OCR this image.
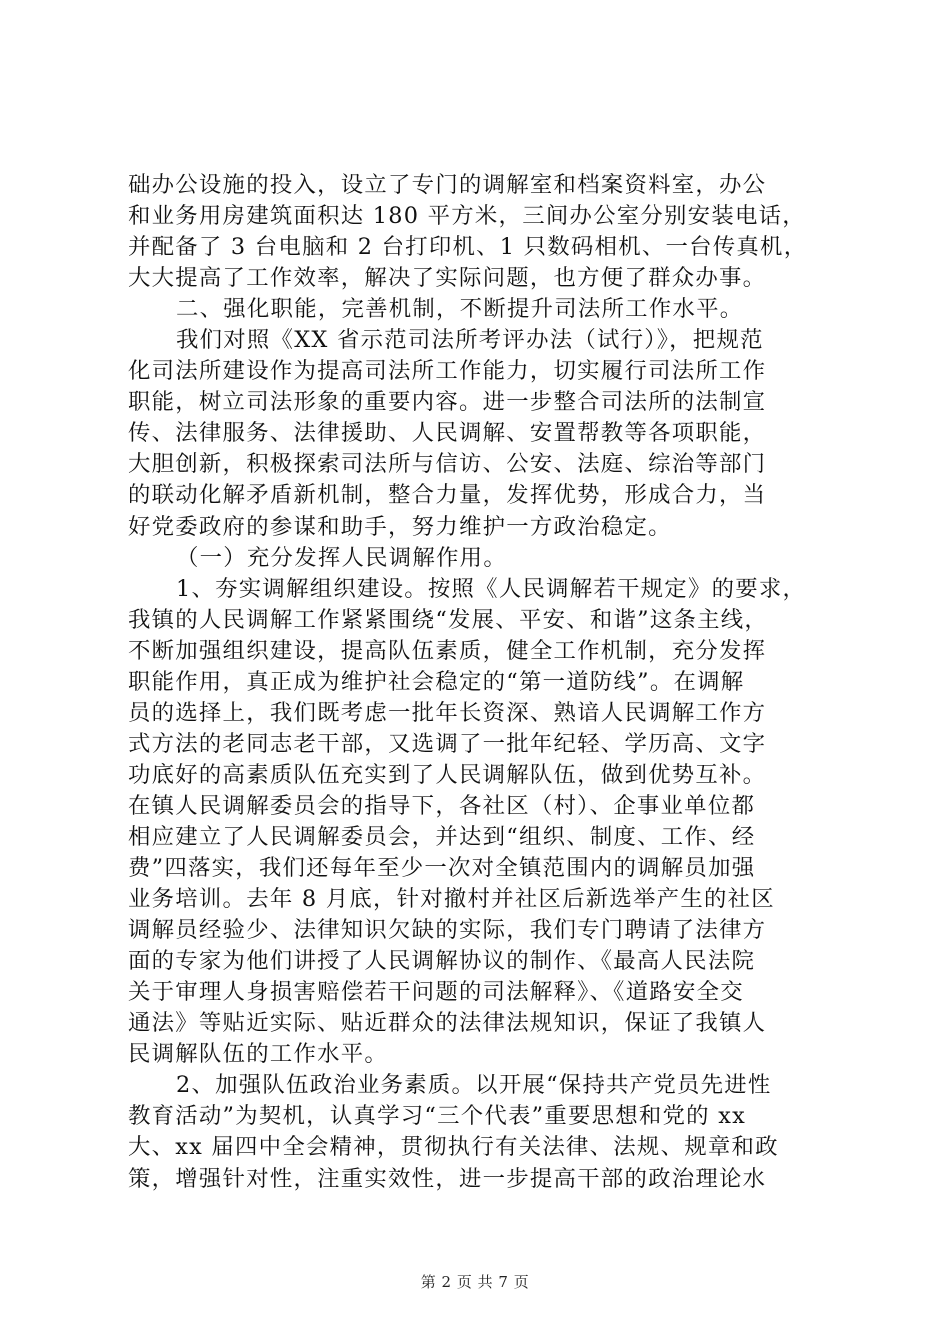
础办公设施的投入，设立了专门的调解室和档案资料室，办公
和业务用房建筑面积达 180 平方米，三间办公室分别安装电话，
并配备了 3 台电脑和 2 台打印机、1 只数码相机、一台传真机，
大大提高了工作效率，解决了实际问题，也方便了群众办事。
二、强化职能，完善机制，不断提升司法所工作水平。
我们对照《XX 省示范司法所考评办法（试行）》，把规范
化司法所建设作为提高司法所工作能力，切实履行司法所工作
职能，树立司法形象的重要内容。进一步整合司法所的法制宣
传、法律服务、法律援助、人民调解、安置帮教等各项职能，
大胆创新，积极探索司法所与信访、公安、法庭、综治等部门
的联动化解矛盾新机制，整合力量，发挥优势，形成合力，当
好党委政府的参谋和助手，努力维护一方政治稳定。
（一）充分发挥人民调解作用。
1、夯实调解组织建设。按照《人民调解若干规定》的要求，
我镇的人民调解工作紧紧围绕“发展、平安、和谐”这条主线，
不断加强组织建设，提高队伍素质，健全工作机制，充分发挥
职能作用，真正成为维护社会稳定的“第一道防线”。在调解
员的选择上，我们既考虑一批年长资深、熟谙人民调解工作方
式方法的老同志老干部，又选调了一批年纪轻、学历高、文字
功底好的高素质队伍充实到了人民调解队伍，做到优势互补。
在镇人民调解委员会的指导下，各社区（村）、企事业单位都
相应建立了人民调解委员会，并达到“组织、制度、工作、经
费”四落实，我们还每年至少一次对全镇范围内的调解员加强
业务培训。去年 8 月底，针对撤村并社区后新选举产生的社区
调解员经验少、法律知识欠缺的实际，我们专门聘请了法律方
面的专家为他们讲授了人民调解协议的制作、《最高人民法院
关于审理人身损害赔偿若干问题的司法解释》、《道路安全交
通法》等贴近实际、贴近群众的法律法规知识，保证了我镇人
民调解队伍的工作水平。
2、加强队伍政治业务素质。以开展“保持共产党员先进性
教育活动”为契机，认真学习“三个代表”重要思想和党的 xx
大、xx 届四中全会精神，贯彻执行有关法律、法规、规章和政
策，增强针对性，注重实效性，进一步提高干部的政治理论水
第 2 页 共 7 页
